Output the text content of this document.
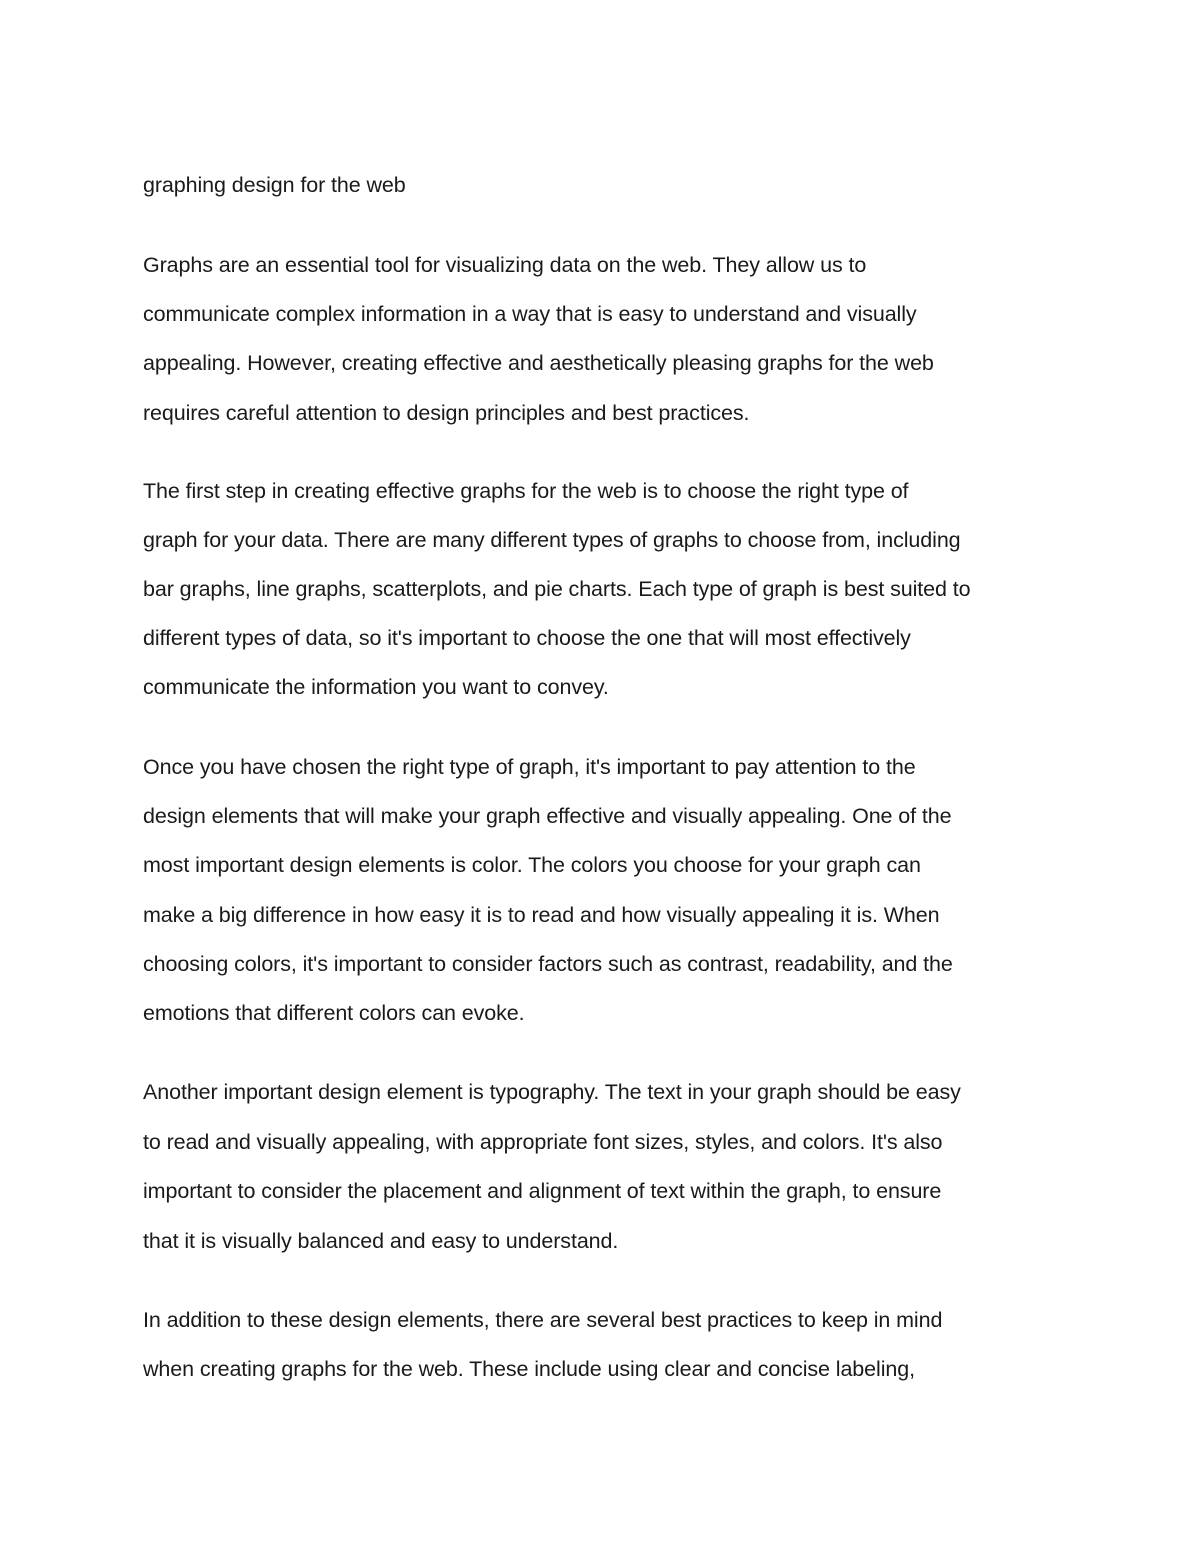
graphing design for the web
Graphs are an essential tool for visualizing data on the web. They allow us to
communicate complex information in a way that is easy to understand and visually
appealing. However, creating effective and aesthetically pleasing graphs for the web
requires careful attention to design principles and best practices.
The first step in creating effective graphs for the web is to choose the right type of
graph for your data. There are many different types of graphs to choose from, including
bar graphs, line graphs, scatterplots, and pie charts. Each type of graph is best suited to
different types of data, so it's important to choose the one that will most effectively
communicate the information you want to convey.
Once you have chosen the right type of graph, it's important to pay attention to the
design elements that will make your graph effective and visually appealing. One of the
most important design elements is color. The colors you choose for your graph can
make a big difference in how easy it is to read and how visually appealing it is. When
choosing colors, it's important to consider factors such as contrast, readability, and the
emotions that different colors can evoke.
Another important design element is typography. The text in your graph should be easy
to read and visually appealing, with appropriate font sizes, styles, and colors. It's also
important to consider the placement and alignment of text within the graph, to ensure
that it is visually balanced and easy to understand.
In addition to these design elements, there are several best practices to keep in mind
when creating graphs for the web. These include using clear and concise labeling,
